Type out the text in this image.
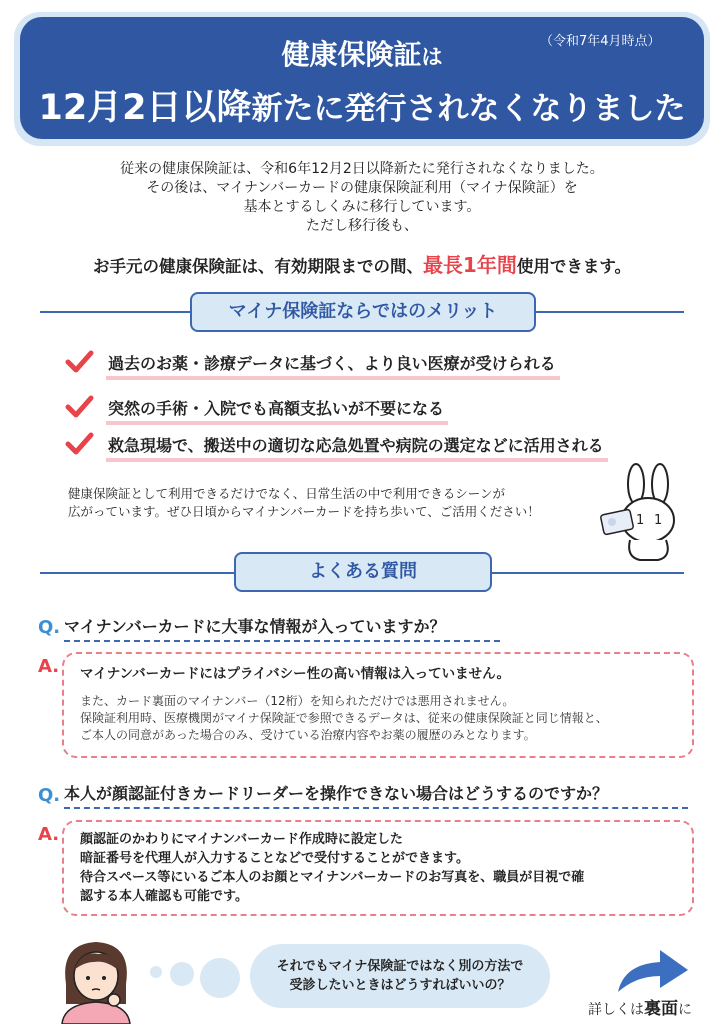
（令和7年4月時点）
健康保険証は
12月2日以降新たに発行されなくなりました
従来の健康保険証は、令和6年12月2日以降新たに発行されなくなりました。
その後は、マイナンバーカードの健康保険証利用（マイナ保険証）を
基本とするしくみに移行しています。
ただし移行後も、
お手元の健康保険証は、有効期限までの間、最長1年間使用できます。
マイナ保険証ならではのメリット
過去のお薬・診療データに基づく、より良い医療が受けられる
突然の手術・入院でも高額支払いが不要になる
救急現場で、搬送中の適切な応急処置や病院の選定などに活用される
健康保険証として利用できるだけでなく、日常生活の中で利用できるシーンが
広がっています。ぜひ日頃からマイナンバーカードを持ち歩いて、ご活用ください！
1 1
よくある質問
Q. マイナンバーカードに大事な情報が入っていますか？
A. マイナンバーカードにはプライバシー性の高い情報は入っていません。
また、カード裏面のマイナンバー（12桁）を知られただけでは悪用されません。
保険証利用時、医療機関がマイナ保険証で参照できるデータは、従来の健康保険証と同じ情報と、
ご本人の同意があった場合のみ、受けている治療内容やお薬の履歴のみとなります。
Q. 本人が顔認証付きカードリーダーを操作できない場合はどうするのですか？
A. 顔認証のかわりにマイナンバーカード作成時に設定した
暗証番号を代理人が入力することなどで受付することができます。
待合スペース等にいるご本人のお顔とマイナンバーカードのお写真を、職員が目視で確
認する本人確認も可能です。
それでもマイナ保険証ではなく別の方法で
受診したいときはどうすればいいの？
詳しくは裏面に
